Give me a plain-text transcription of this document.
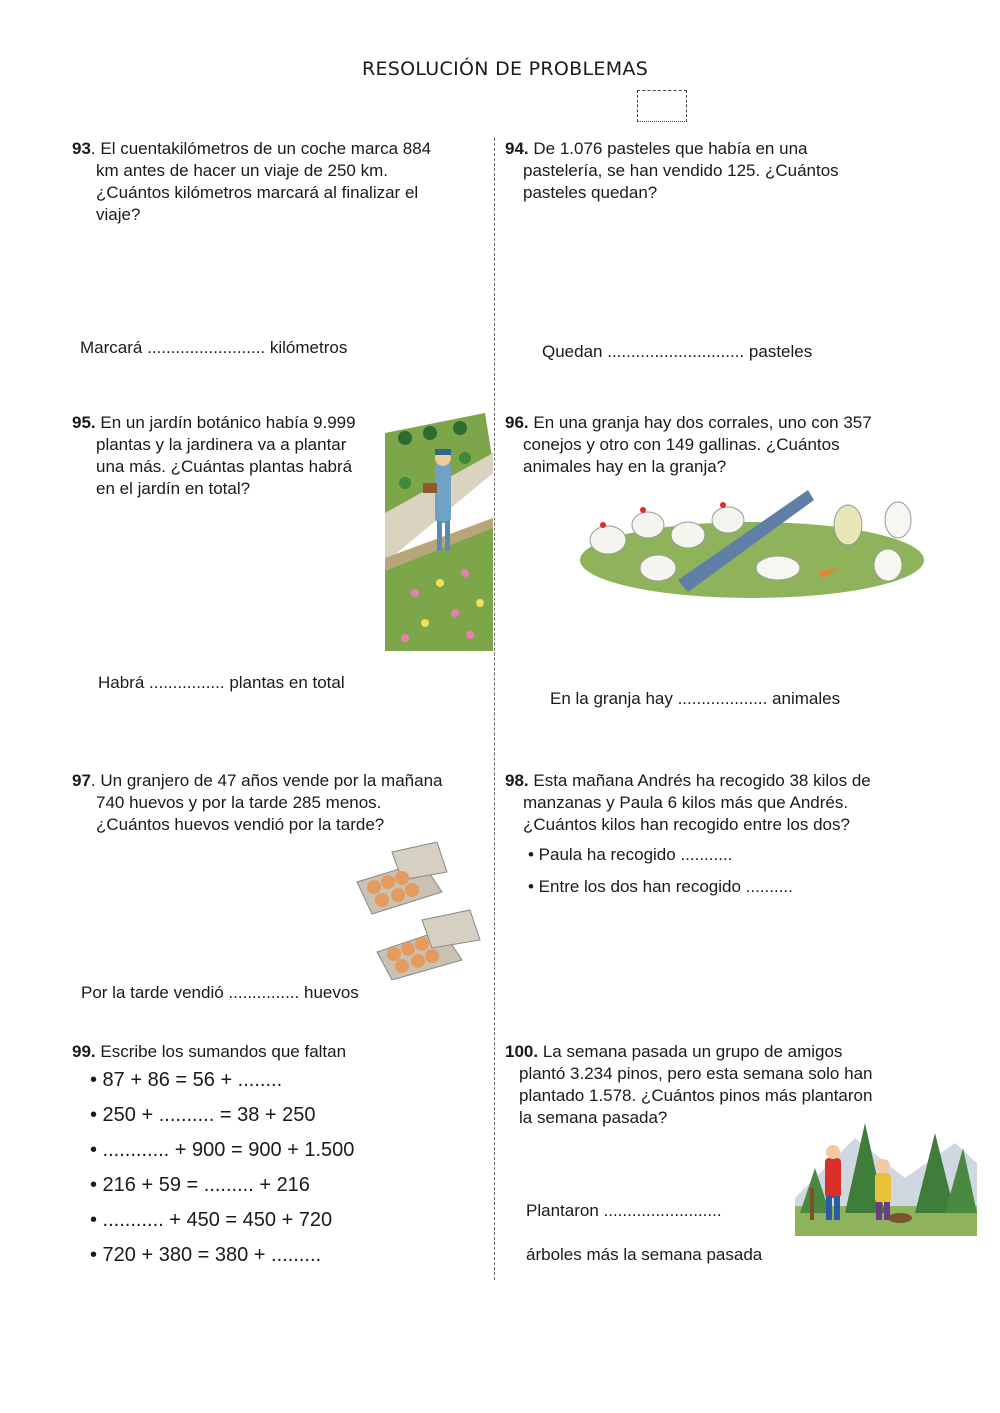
RESOLUCIÓN DE PROBLEMAS
93. El cuentakilómetros de un coche marca 884
km antes de hacer un viaje de 250 km.
¿Cuántos kilómetros marcará al finalizar el
viaje?
Marcará ......................... kilómetros
94. De 1.076 pasteles que había en una
pastelería, se han vendido 125. ¿Cuántos
pasteles quedan?
Quedan ............................. pasteles
95. En un jardín botánico había 9.999
plantas y la jardinera va a plantar
una más. ¿Cuántas plantas habrá
en el jardín en total?
Habrá ................ plantas en total
96. En una granja hay dos corrales, uno con 357
conejos y otro con 149 gallinas. ¿Cuántos
animales hay en la granja?
En la granja hay ................... animales
97. Un granjero de 47 años vende por la mañana
740 huevos y por la tarde 285 menos.
¿Cuántos huevos vendió por la tarde?
Por la tarde vendió ............... huevos
98. Esta mañana Andrés ha recogido 38 kilos de
manzanas y Paula 6 kilos más que Andrés.
¿Cuántos kilos han recogido entre los dos?
• Paula ha recogido ...........
• Entre los dos han recogido ..........
99. Escribe los sumandos que faltan
• 87 + 86 = 56 + ........
• 250 + .......... = 38 + 250
• ............ + 900 = 900 + 1.500
• 216 + 59 = ......... + 216
• ........... + 450 = 450 + 720
• 720 + 380 = 380 + .........
100. La semana pasada un grupo de amigos
plantó 3.234 pinos, pero esta semana solo han
plantado 1.578. ¿Cuántos pinos más plantaron
la semana pasada?
Plantaron .........................
árboles más la semana pasada
